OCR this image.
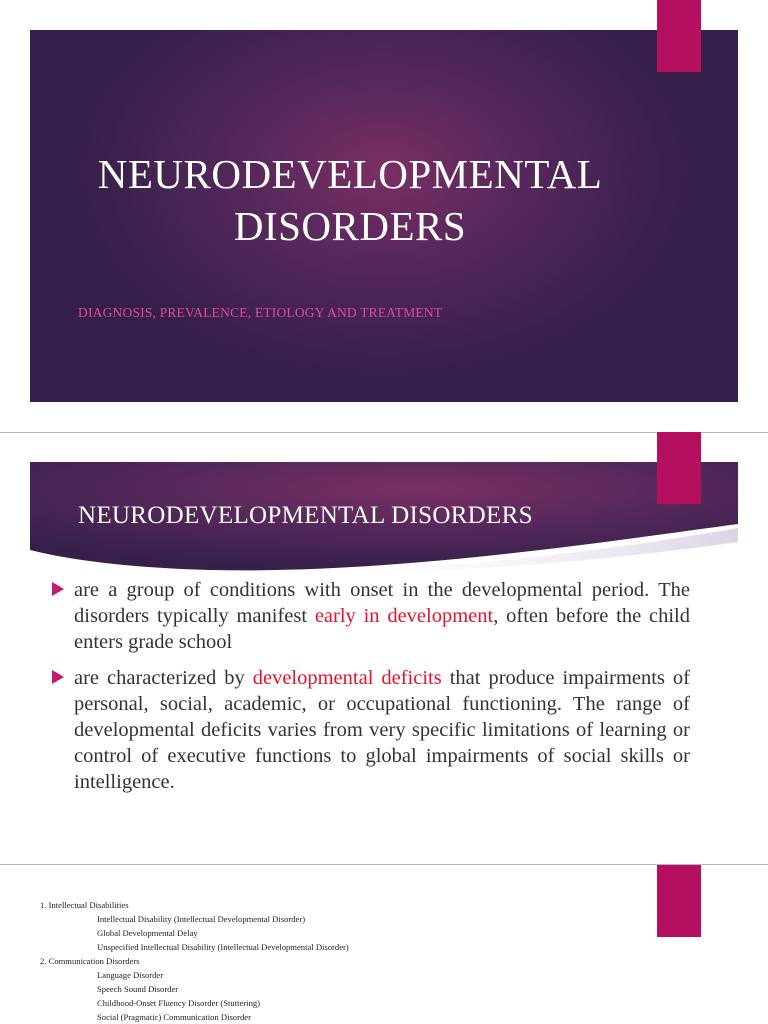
NEURODEVELOPMENTAL
DISORDERS
DIAGNOSIS, PREVALENCE, ETIOLOGY AND TREATMENT
NEURODEVELOPMENTAL DISORDERS
are a group of conditions with onset in the developmental period. The disorders typically manifest early in development, often before the child enters grade school
are characterized by developmental deficits that produce impairments of personal, social, academic, or occupational functioning. The range of developmental deficits varies from very specific limitations of learning or control of executive functions to global impairments of social skills or intelligence.
1. Intellectual Disabilities
Intellectual Disability (Intellectual Developmental Disorder)
Global Developmental Delay
Unspecified Intellectual Disability (Intellectual Developmental Disorder)
2. Communication Disorders
Language Disorder
Speech Sound Disorder
Childhood-Onset Fluency Disorder (Stuttering)
Social (Pragmatic) Communication Disorder
